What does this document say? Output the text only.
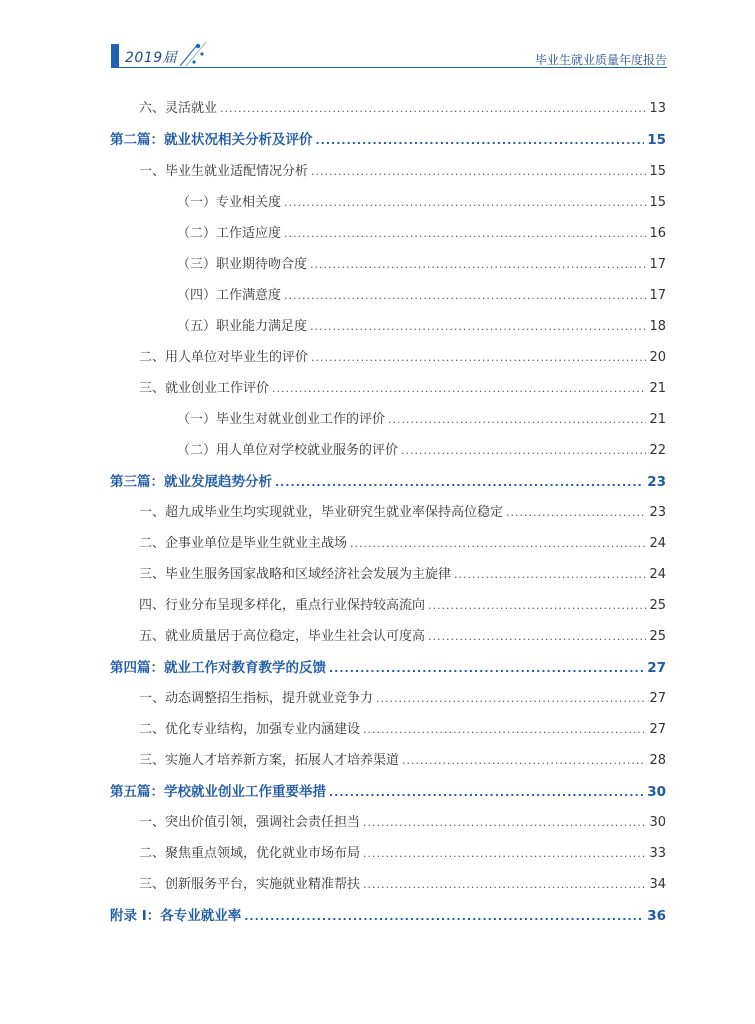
2019届	毕业生就业质量年度报告
六、灵活就业 .....	13
第二篇：就业状况相关分析及评价 .....	15
一、毕业生就业适配情况分析 .....	15
（一）专业相关度 .....	15
（二）工作适应度 .....	16
（三）职业期待吻合度 .....	17
（四）工作满意度 .....	17
（五）职业能力满足度 .....	18
二、用人单位对毕业生的评价 .....	20
三、就业创业工作评价 .....	21
（一）毕业生对就业创业工作的评价 .....	21
（二）用人单位对学校就业服务的评价 .....	22
第三篇：就业发展趋势分析 .....	23
一、超九成毕业生均实现就业，毕业研究生就业率保持高位稳定 .....	23
二、企事业单位是毕业生就业主战场 .....	24
三、毕业生服务国家战略和区域经济社会发展为主旋律 .....	24
四、行业分布呈现多样化，重点行业保持较高流向 .....	25
五、就业质量居于高位稳定，毕业生社会认可度高 .....	25
第四篇：就业工作对教育教学的反馈 .....	27
一、动态调整招生指标，提升就业竞争力 .....	27
二、优化专业结构，加强专业内涵建设 .....	27
三、实施人才培养新方案，拓展人才培养渠道 .....	28
第五篇：学校就业创业工作重要举措 .....	30
一、突出价值引领，强调社会责任担当 .....	30
二、聚焦重点领域，优化就业市场布局 .....	33
三、创新服务平台，实施就业精准帮扶 .....	34
附录 I：各专业就业率 .....	36
